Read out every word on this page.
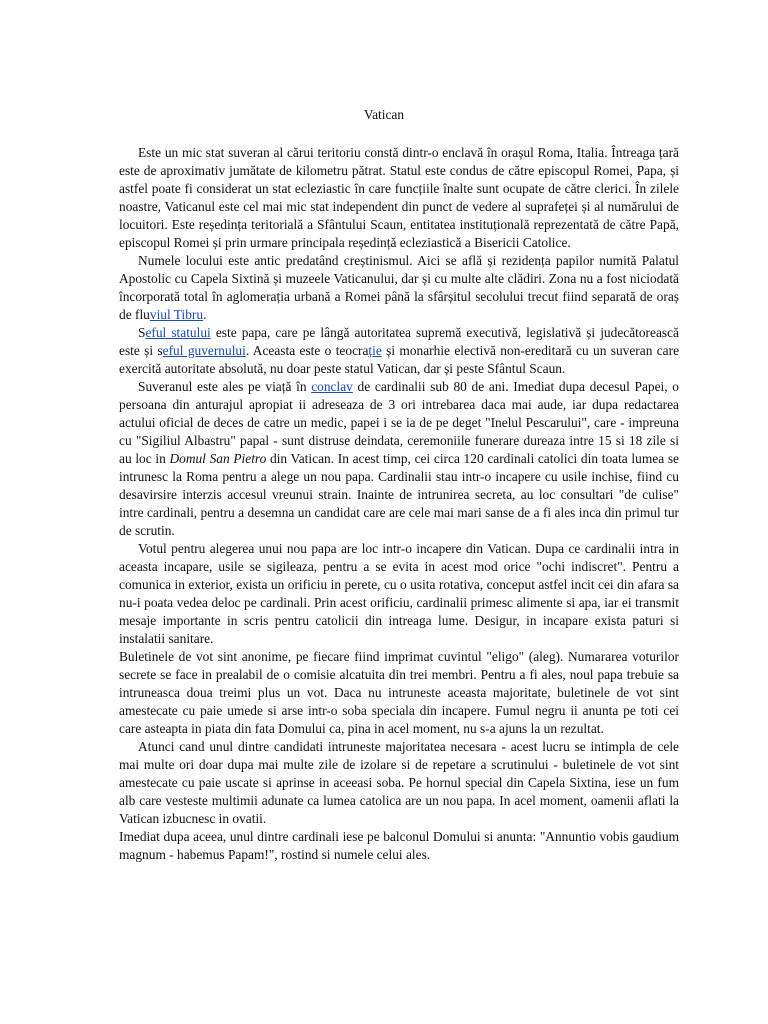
Vatican

Este un mic stat suveran al cărui teritoriu constă dintr-o enclavă în orașul Roma, Italia. Întreaga țară este de aproximativ jumătate de kilometru pătrat. Statul este condus de către episcopul Romei, Papa, și astfel poate fi considerat un stat ecleziastic în care funcțiile înalte sunt ocupate de către clerici. În zilele noastre, Vaticanul este cel mai mic stat independent din punct de vedere al suprafeței și al numărului de locuitori. Este reședința teritorială a Sfântului Scaun, entitatea instituțională reprezentată de către Papă, episcopul Romei și prin urmare principala reședință ecleziastică a Bisericii Catolice.

Numele locului este antic predatând creștinismul. Aici se află și rezidența papilor numită Palatul Apostolic cu Capela Sixtină și muzeele Vaticanului, dar și cu multe alte clădiri. Zona nu a fost niciodată încorporată total în aglomerația urbană a Romei până la sfârșitul secolului trecut fiind separată de oraș de fluviul Tibru.

Seful statului este papa, care pe lângă autoritatea supremă executivă, legislativă și judecătorească este și seful guvernului. Aceasta este o teocrație și monarhie electivă non-ereditară cu un suveran care exercită autoritate absolută, nu doar peste statul Vatican, dar și peste Sfântul Scaun.

Suveranul este ales pe viață în conclav de cardinalii sub 80 de ani. Imediat dupa decesul Papei, o persoana din anturajul apropiat ii adreseaza de 3 ori intrebarea daca mai aude, iar dupa redactarea actului oficial de deces de catre un medic, papei i se ia de pe deget "Inelul Pescarului", care - impreuna cu "Sigiliul Albastru" papal - sunt distruse deindata, ceremoniile funerare dureaza intre 15 si 18 zile si au loc in Domul San Pietro din Vatican. In acest timp, cei circa 120 cardinali catolici din toata lumea se intrunesc la Roma pentru a alege un nou papa. Cardinalii stau intr-o incapere cu usile inchise, fiind cu desavirsire interzis accesul vreunui strain. Inainte de intrunirea secreta, au loc consultari "de culise" intre cardinali, pentru a desemna un candidat care are cele mai mari sanse de a fi ales inca din primul tur de scrutin.

Votul pentru alegerea unui nou papa are loc intr-o incapere din Vatican. Dupa ce cardinalii intra in aceasta incapare, usile se sigileaza, pentru a se evita in acest mod orice "ochi indiscret". Pentru a comunica in exterior, exista un orificiu in perete, cu o usita rotativa, conceput astfel incit cei din afara sa nu-i poata vedea deloc pe cardinali. Prin acest orificiu, cardinalii primesc alimente si apa, iar ei transmit mesaje importante in scris pentru catolicii din intreaga lume. Desigur, in incapare exista paturi si instalatii sanitare.

Buletinele de vot sint anonime, pe fiecare fiind imprimat cuvintul "eligo" (aleg). Numararea voturilor secrete se face in prealabil de o comisie alcatuita din trei membri. Pentru a fi ales, noul papa trebuie sa intruneasca doua treimi plus un vot. Daca nu intruneste aceasta majoritate, buletinele de vot sint amestecate cu paie umede si arse intr-o soba speciala din incapere. Fumul negru ii anunta pe toti cei care asteapta in piata din fata Domului ca, pina in acel moment, nu s-a ajuns la un rezultat.

Atunci cand unul dintre candidati intruneste majoritatea necesara - acest lucru se intimpla de cele mai multe ori doar dupa mai multe zile de izolare si de repetare a scrutinului - buletinele de vot sint amestecate cu paie uscate si aprinse in aceeasi soba. Pe hornul special din Capela Sixtina, iese un fum alb care vesteste multimii adunate ca lumea catolica are un nou papa. In acel moment, oamenii aflati la Vatican izbucnesc in ovatii.

Imediat dupa aceea, unul dintre cardinali iese pe balconul Domului si anunta: "Annuntio vobis gaudium magnum - habemus Papam!", rostind si numele celui ales.
